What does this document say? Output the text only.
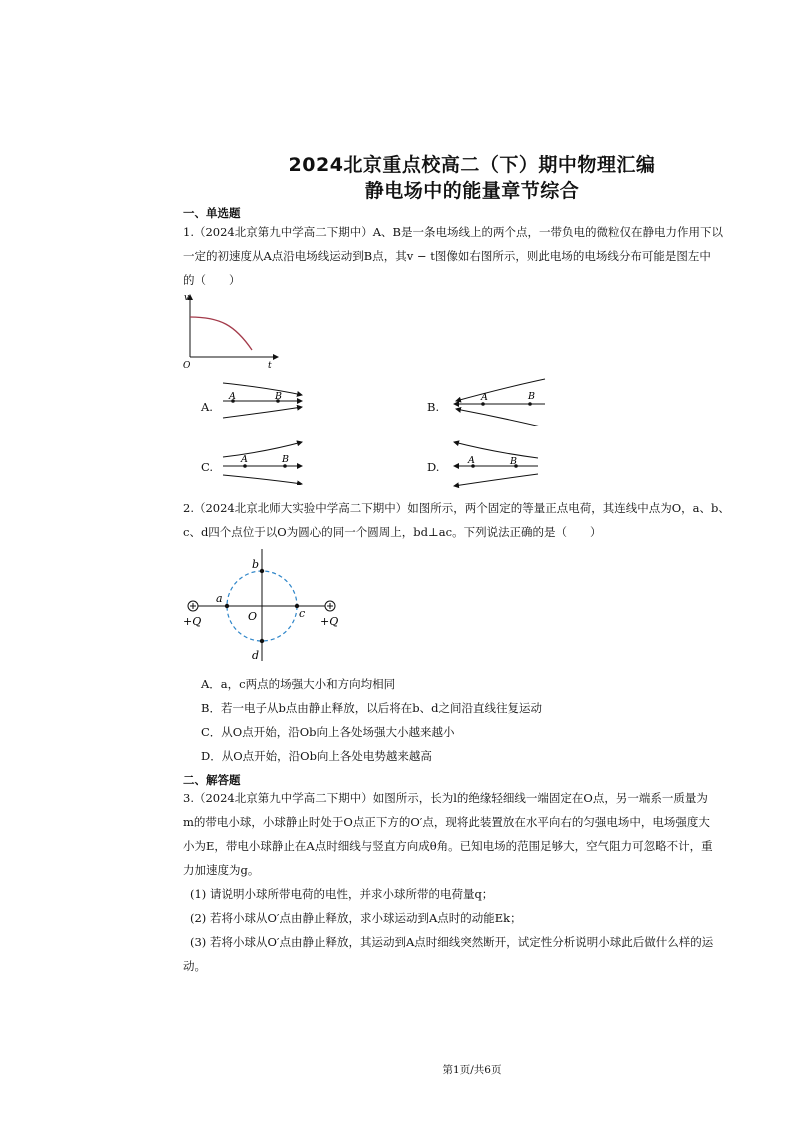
2024北京重点校高二（下）期中物理汇编
静电场中的能量章节综合
一、单选题
1.（2024北京第九中学高二下期中）A、B是一条电场线上的两个点，一带负电的微粒仅在静电力作用下以
一定的初速度从A点沿电场线运动到B点，其v − t图像如右图所示，则此电场的电场线分布可能是图左中
的（　　）
v
t
O
A.
A	B
B.
A	B
C.
A	B
D.	A	B
2.（2024北京北师大实验中学高二下期中）如图所示，两个固定的等量正点电荷，其连线中点为O，a、b、
c、d四个点位于以O为圆心的同一个圆周上，bd⊥ac。下列说法正确的是（　　）
a
b
c
d
O
+Q	+Q
A．a，c两点的场强大小和方向均相同
B．若一电子从b点由静止释放，以后将在b、d之间沿直线往复运动
C．从O点开始，沿Ob向上各处场强大小越来越小
D．从O点开始，沿Ob向上各处电势越来越高
二、解答题
3.（2024北京第九中学高二下期中）如图所示，长为l的绝缘轻细线一端固定在O点，另一端系一质量为
m的带电小球，小球静止时处于O点正下方的O′点，现将此装置放在水平向右的匀强电场中，电场强度大
小为E，带电小球静止在A点时细线与竖直方向成θ角。已知电场的范围足够大，空气阻力可忽略不计，重
力加速度为g。
(1) 请说明小球所带电荷的电性，并求小球所带的电荷量q；
(2) 若将小球从O′点由静止释放，求小球运动到A点时的动能Ek；
(3) 若将小球从O′点由静止释放，其运动到A点时细线突然断开，试定性分析说明小球此后做什么样的运
动。
第1页/共6页
